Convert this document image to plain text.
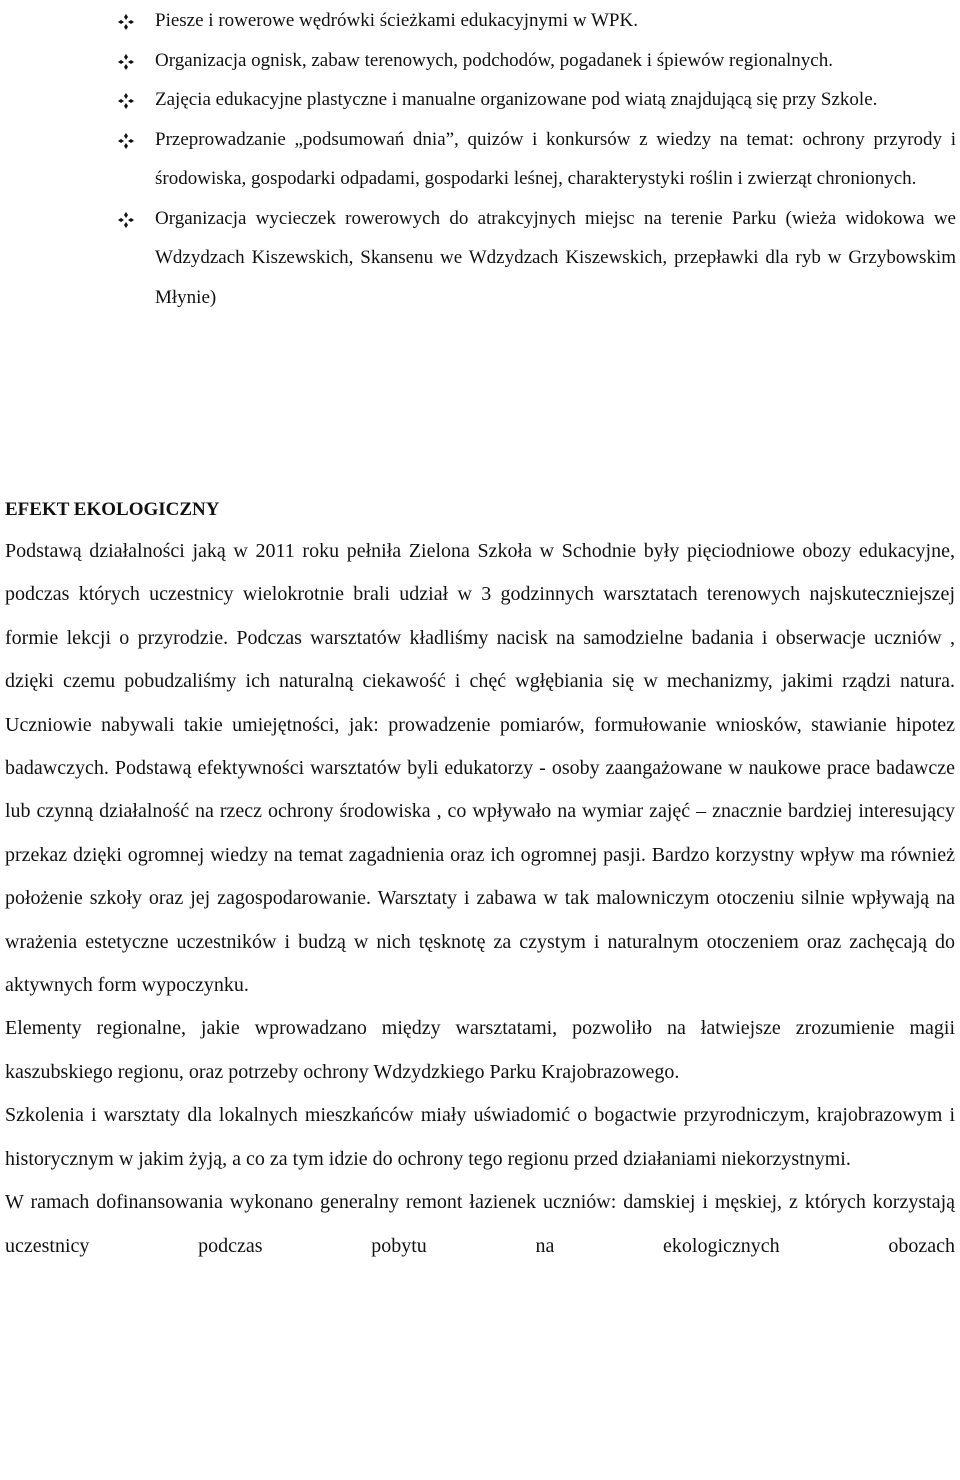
Piesze i rowerowe wędrówki ścieżkami edukacyjnymi w WPK.
Organizacja ognisk, zabaw terenowych, podchodów, pogadanek i śpiewów regionalnych.
Zajęcia edukacyjne plastyczne i manualne organizowane pod wiatą znajdującą się przy Szkole.
Przeprowadzanie „podsumowań dnia”, quizów i konkursów z wiedzy na temat: ochrony przyrody i środowiska, gospodarki odpadami, gospodarki leśnej, charakterystyki roślin i zwierząt chronionych.
Organizacja wycieczek rowerowych do atrakcyjnych miejsc na terenie Parku (wieża widokowa we Wdzydzach Kiszewskich, Skansenu we Wdzydzach Kiszewskich, przepławki dla ryb w Grzybowskim Młynie)

EFEKT EKOLOGICZNY

Podstawą działalności jaką w 2011 roku pełniła Zielona Szkoła w Schodnie były pięciodniowe obozy edukacyjne, podczas których uczestnicy wielokrotnie brali udział w 3 godzinnych warsztatach terenowych najskuteczniejszej formie lekcji o przyrodzie. Podczas warsztatów kładliśmy nacisk na samodzielne badania i obserwacje uczniów , dzięki czemu pobudzaliśmy ich naturalną ciekawość i chęć wgłębiania się w mechanizmy, jakimi rządzi natura. Uczniowie nabywali takie umiejętności, jak: prowadzenie pomiarów, formułowanie wniosków, stawianie hipotez badawczych. Podstawą efektywności warsztatów byli edukatorzy - osoby zaangażowane w naukowe prace badawcze lub czynną działalność na rzecz ochrony środowiska , co wpływało na wymiar zajęć – znacznie bardziej interesujący przekaz dzięki ogromnej wiedzy na temat zagadnienia oraz ich ogromnej pasji. Bardzo korzystny wpływ ma również położenie szkoły oraz jej zagospodarowanie. Warsztaty i zabawa w tak malowniczym otoczeniu silnie wpływają na wrażenia estetyczne uczestników i budzą w nich tęsknotę za czystym i naturalnym otoczeniem oraz zachęcają do aktywnych form wypoczynku.

Elementy regionalne, jakie wprowadzano między warsztatami, pozwoliło na łatwiejsze zrozumienie magii kaszubskiego regionu, oraz potrzeby ochrony Wdzydzkiego Parku Krajobrazowego.

Szkolenia i warsztaty dla lokalnych mieszkańców miały uświadomić o bogactwie przyrodniczym, krajobrazowym i historycznym w jakim żyją, a co za tym idzie do ochrony tego regionu przed działaniami niekorzystnymi.

W ramach dofinansowania wykonano generalny remont łazienek uczniów: damskiej i męskiej, z których korzystają uczestnicy podczas pobytu na ekologicznych obozach
